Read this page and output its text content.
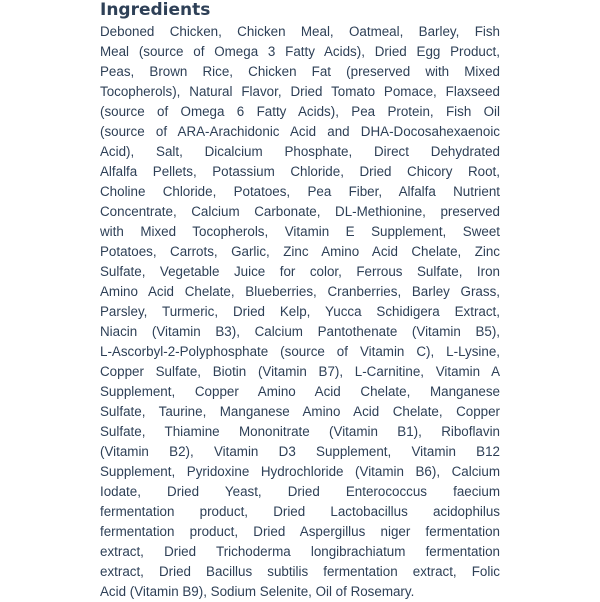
Ingredients
Deboned Chicken, Chicken Meal, Oatmeal, Barley, Fish
Meal (source of Omega 3 Fatty Acids), Dried Egg Product,
Peas, Brown Rice, Chicken Fat (preserved with Mixed
Tocopherols), Natural Flavor, Dried Tomato Pomace, Flaxseed
(source of Omega 6 Fatty Acids), Pea Protein, Fish Oil
(source of ARA-Arachidonic Acid and DHA-Docosahexaenoic
Acid), Salt, Dicalcium Phosphate, Direct Dehydrated
Alfalfa Pellets, Potassium Chloride, Dried Chicory Root,
Choline Chloride, Potatoes, Pea Fiber, Alfalfa Nutrient
Concentrate, Calcium Carbonate, DL-Methionine, preserved
with Mixed Tocopherols, Vitamin E Supplement, Sweet
Potatoes, Carrots, Garlic, Zinc Amino Acid Chelate, Zinc
Sulfate, Vegetable Juice for color, Ferrous Sulfate, Iron
Amino Acid Chelate, Blueberries, Cranberries, Barley Grass,
Parsley, Turmeric, Dried Kelp, Yucca Schidigera Extract,
Niacin (Vitamin B3), Calcium Pantothenate (Vitamin B5),
L-Ascorbyl-2-Polyphosphate (source of Vitamin C), L-Lysine,
Copper Sulfate, Biotin (Vitamin B7), L-Carnitine, Vitamin A
Supplement, Copper Amino Acid Chelate, Manganese
Sulfate, Taurine, Manganese Amino Acid Chelate, Copper
Sulfate, Thiamine Mononitrate (Vitamin B1), Riboflavin
(Vitamin B2), Vitamin D3 Supplement, Vitamin B12
Supplement, Pyridoxine Hydrochloride (Vitamin B6), Calcium
Iodate, Dried Yeast, Dried Enterococcus faecium
fermentation product, Dried Lactobacillus acidophilus
fermentation product, Dried Aspergillus niger fermentation
extract, Dried Trichoderma longibrachiatum fermentation
extract, Dried Bacillus subtilis fermentation extract, Folic
Acid (Vitamin B9), Sodium Selenite, Oil of Rosemary.
